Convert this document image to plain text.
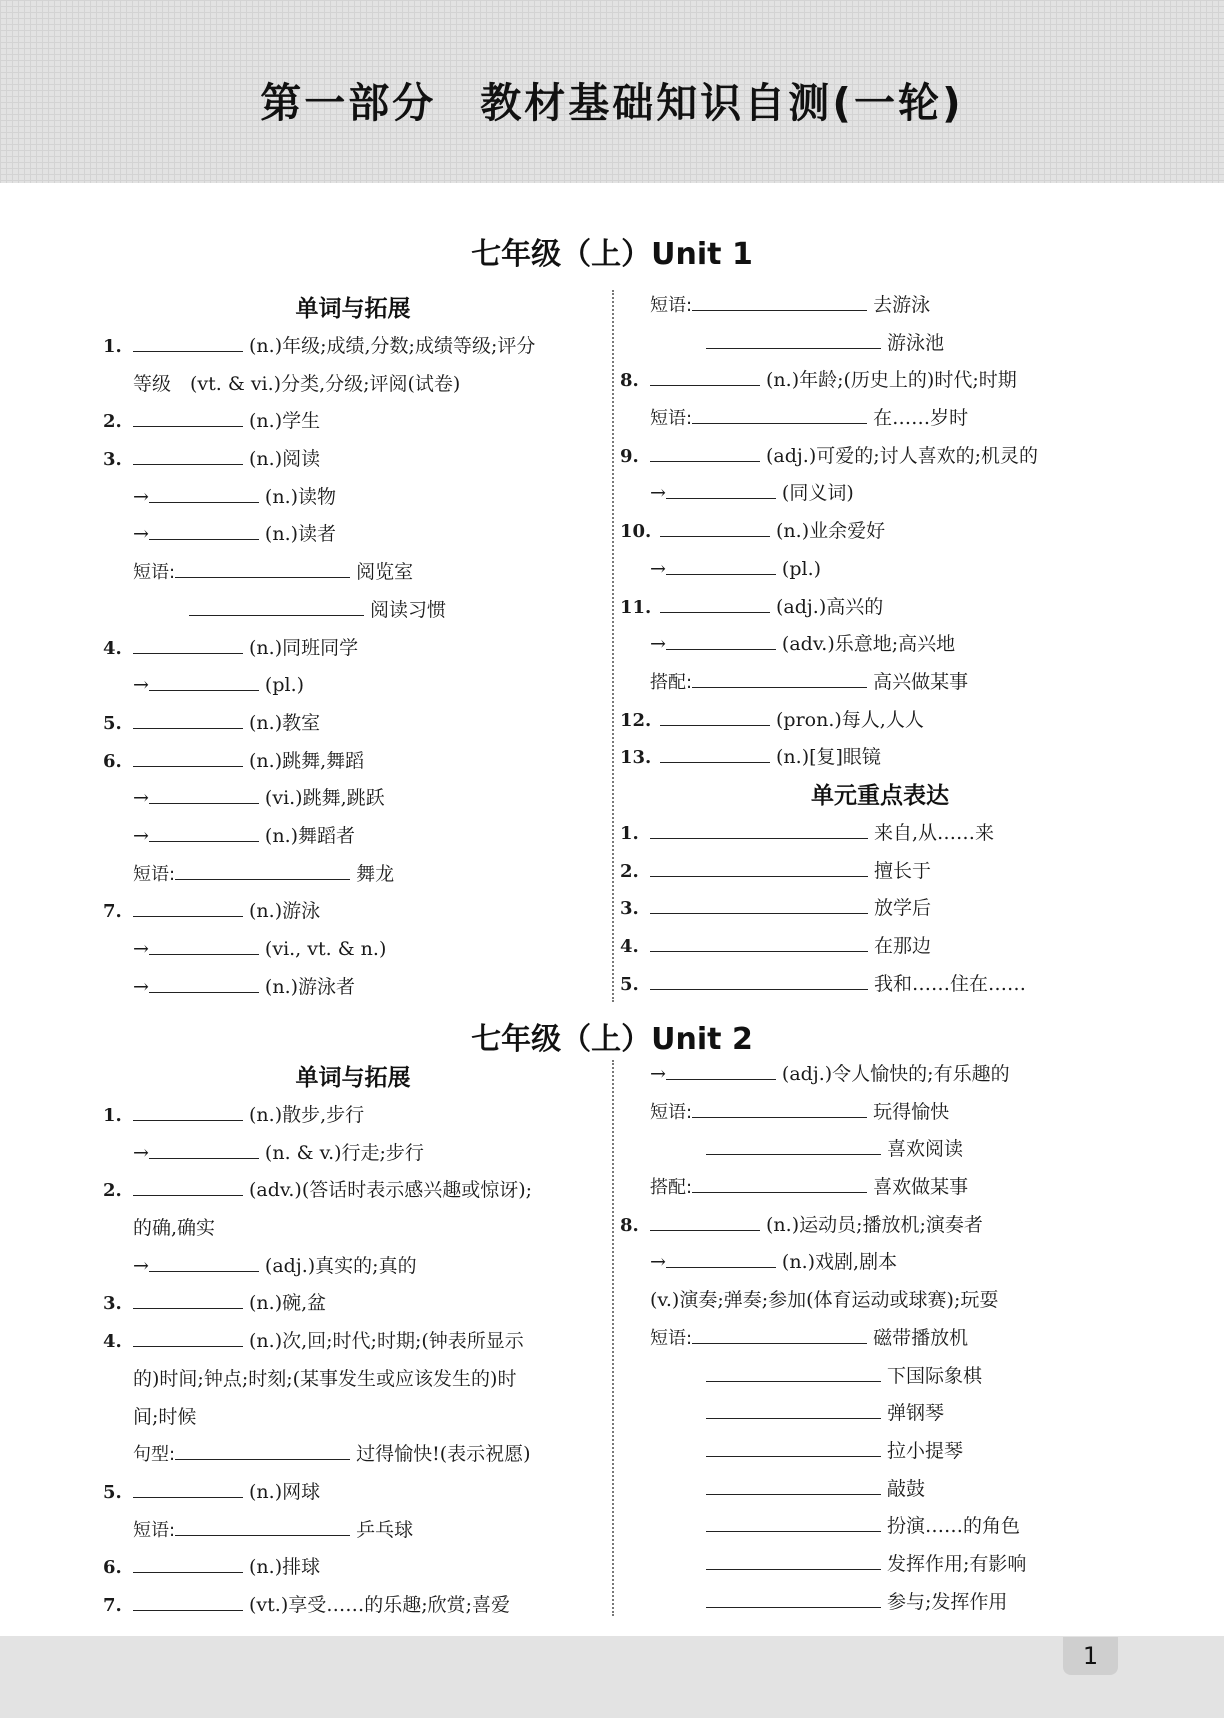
第一部分　教材基础知识自测(一轮)
七年级（上）Unit 1
单词与拓展
1.	(n.)年级;成绩,分数;成绩等级;评分
等级　(vt. & vi.)分类,分级;评阅(试卷)
2.	(n.)学生
3.	(n.)阅读
→	(n.)读物
→	(n.)读者
短语:	阅览室
阅读习惯
4.	(n.)同班同学
→	(pl.)
5.	(n.)教室
6.	(n.)跳舞,舞蹈
→	(vi.)跳舞,跳跃
→	(n.)舞蹈者
短语:	舞龙
7.	(n.)游泳
→	(vi., vt. & n.)
→	(n.)游泳者
短语:	去游泳
游泳池
8.	(n.)年龄;(历史上的)时代;时期
短语:	在……岁时
9.	(adj.)可爱的;讨人喜欢的;机灵的
→	(同义词)
10.	(n.)业余爱好
→	(pl.)
11.	(adj.)高兴的
→	(adv.)乐意地;高兴地
搭配:	高兴做某事
12.	(pron.)每人,人人
13.	(n.)[复]眼镜
单元重点表达
1.	来自,从……来
2.	擅长于
3.	放学后
4.	在那边
5.	我和……住在……
七年级（上）Unit 2
单词与拓展
1.	(n.)散步,步行
→	(n. & v.)行走;步行
2.	(adv.)(答话时表示感兴趣或惊讶);
的确,确实
→	(adj.)真实的;真的
3.	(n.)碗,盆
4.	(n.)次,回;时代;时期;(钟表所显示
的)时间;钟点;时刻;(某事发生或应该发生的)时
间;时候
句型:	过得愉快!(表示祝愿)
5.	(n.)网球
短语:	乒乓球
6.	(n.)排球
7.	(vt.)享受……的乐趣;欣赏;喜爱
→	(adj.)令人愉快的;有乐趣的
短语:	玩得愉快
喜欢阅读
搭配:	喜欢做某事
8.	(n.)运动员;播放机;演奏者
→	(n.)戏剧,剧本
(v.)演奏;弹奏;参加(体育运动或球赛);玩耍
短语:	磁带播放机
下国际象棋
弹钢琴
拉小提琴
敲鼓
扮演……的角色
发挥作用;有影响
参与;发挥作用
1
